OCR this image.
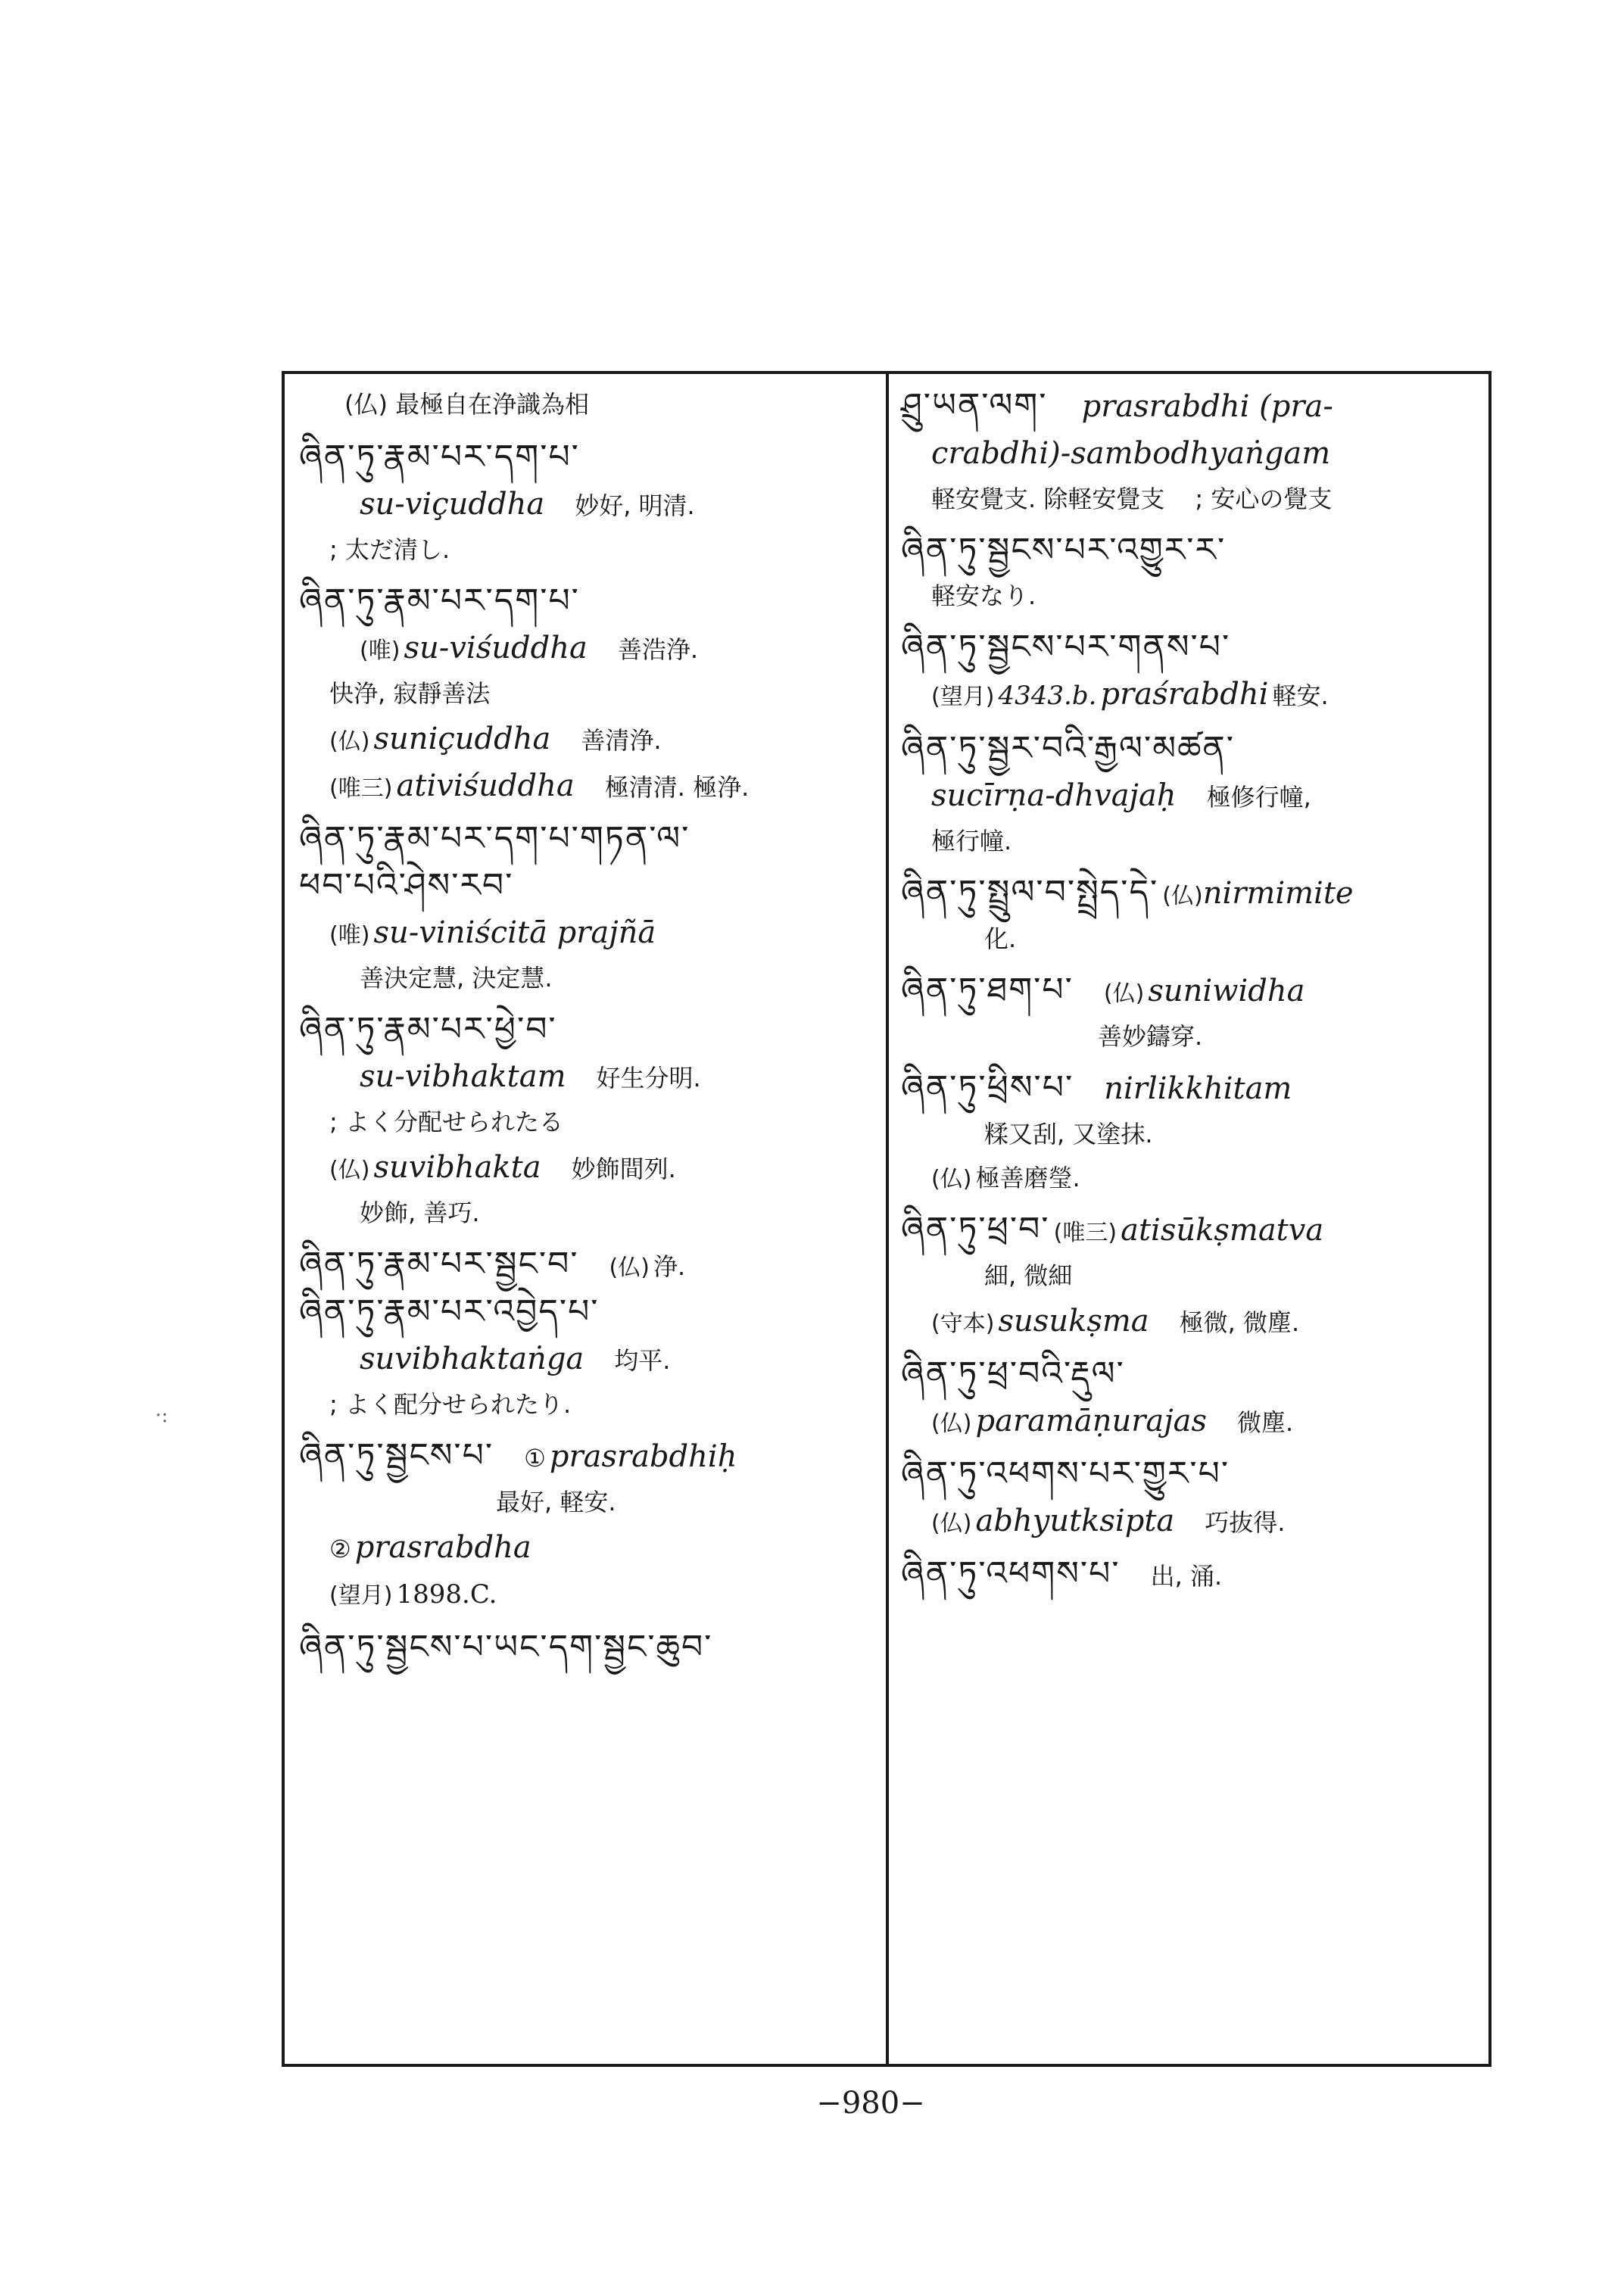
·:
(仏) 最極自在浄識為相
ཞིན་ཏུ་རྣམ་པར་དག་པ་
su-viçuddha 妙好, 明清.
; 太だ清し.
ཞིན་ཏུ་རྣམ་པར་དག་པ་
(唯) su-viśuddha 善浩浄.
快浄, 寂靜善法
(仏) suniçuddha 善清浄.
(唯三) ativiśuddha 極清清. 極浄.
ཞིན་ཏུ་རྣམ་པར་དག་པ་གཏན་ལ་
ཕབ་པའི་ཤེས་རབ་
(唯) su-viniścitā prajñā
善決定慧, 決定慧.
ཞིན་ཏུ་རྣམ་པར་ཕྱེ་བ་
su-vibhaktam 好生分明.
; よく分配せられたる
(仏) suvibhakta 妙飾間列.
妙飾, 善巧.
ཞིན་ཏུ་རྣམ་པར་སྦྱང་བ་ (仏) 浄.
ཞིན་ཏུ་རྣམ་པར་འབྱེད་པ་
suvibhaktaṅga 均平.
; よく配分せられたり.
ཞིན་ཏུ་སྦྱངས་པ་ ① prasrabdhiḥ
最好, 軽安.
② prasrabdha
(望月) 1898.C.
ཞིན་ཏུ་སྦྱངས་པ་ཡང་དག་སྦྱང་ཆུབ་
ཤྲུ་ཡན་ལག་ prasrabdhi (pra-
crabdhi)-sambodhyaṅgam
軽安覺支. 除軽安覺支 ; 安心の覺支
ཞིན་ཏུ་སྦྱངས་པར་འགྱུར་ར་
軽安なり.
ཞིན་ཏུ་སྦྱངས་པར་གནས་པ་
(望月) 4343.b. praśrabdhi 軽安.
ཞིན་ཏུ་སྦྱར་བའི་རྒྱལ་མཚན་
sucīrṇa-dhvajaḥ 極修行幢,
極行幢.
ཞིན་ཏུ་སྤྲུལ་བ་སྤྲེད་དེ་ (仏)nirmimite
化.
ཞིན་ཏུ་ཐག་པ་ (仏) suniwidha
善妙鑄穿.
ཞིན་ཏུ་ཕྲིས་པ་ nirlikkhitam
糅又刮, 又塗抹.
(仏) 極善磨瑩.
ཞིན་ཏུ་ཕྲ་བ་ (唯三) atisūkṣmatva
細, 微細
(守本) susukṣma 極微, 微塵.
ཞིན་ཏུ་ཕྲ་བའི་རྡུལ་
(仏) paramāṇurajas 微塵.
ཞིན་ཏུ་འཕགས་པར་གྱུར་པ་
(仏) abhyutksipta 巧抜得.
ཞིན་ཏུ་འཕགས་པ་ 出, 涌.
−980−
